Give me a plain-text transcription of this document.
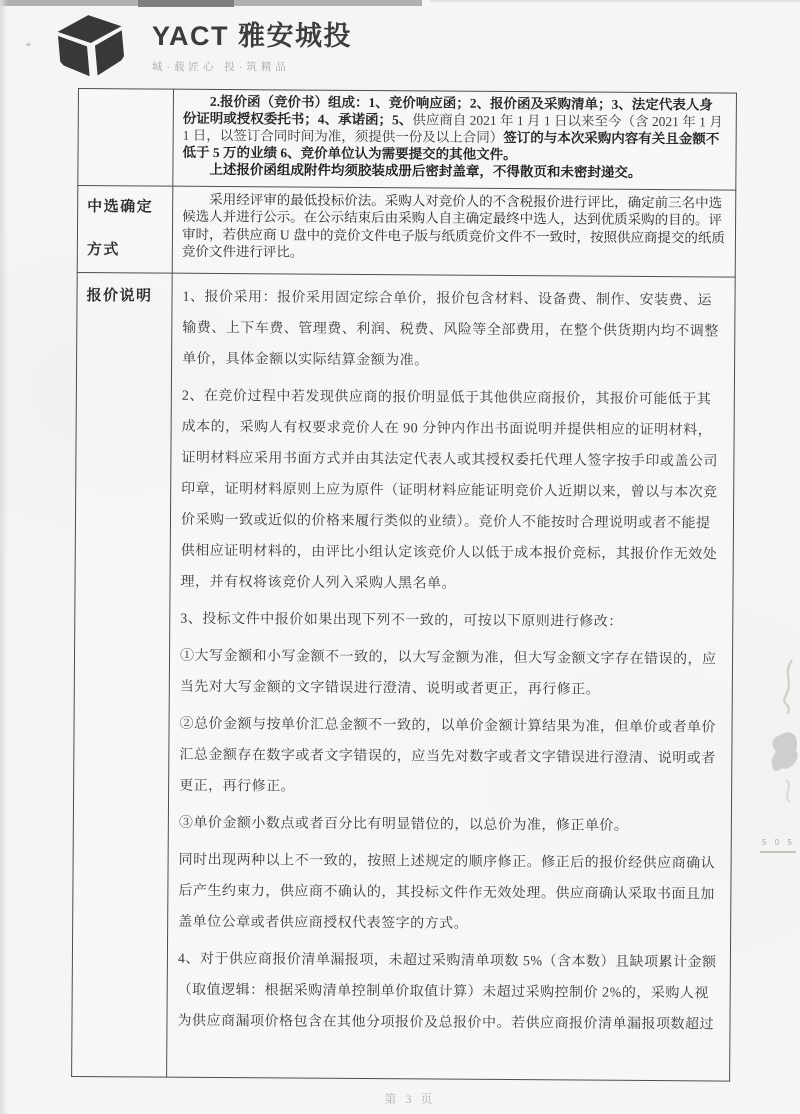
YACT 雅安城投
城·载匠心 投·筑精品

	2.报价函（竞价书）组成：1、竞价响应函；2、报价函及采购清单；3、法定代表人身份证明或授权委托书；4、承诺函；5、供应商自 2021 年 1 月 1 日以来至今（含 2021 年 1 月 1 日，以签订合同时间为准，须提供一份及以上合同）签订的与本次采购内容有关且金额不低于 5 万的业绩 6、竞价单位认为需要提交的其他文件。

上述报价函组成附件均须胶装成册后密封盖章，不得散页和未密封递交。

中选确定方式	采用经评审的最低投标价法。采购人对竞价人的不含税报价进行评比，确定前三名中选候选人并进行公示。在公示结束后由采购人自主确定最终中选人，达到优质采购的目的。评审时，若供应商 U 盘中的竞价文件电子版与纸质竞价文件不一致时，按照供应商提交的纸质竞价文件进行评比。

报价说明	1、报价采用：报价采用固定综合单价，报价包含材料、设备费、制作、安装费、运输费、上下车费、管理费、利润、税费、风险等全部费用，在整个供货期内均不调整单价，具体金额以实际结算金额为准。

2、在竞价过程中若发现供应商的报价明显低于其他供应商报价，其报价可能低于其成本的，采购人有权要求竞价人在 90 分钟内作出书面说明并提供相应的证明材料，证明材料应采用书面方式并由其法定代表人或其授权委托代理人签字按手印或盖公司印章，证明材料原则上应为原件（证明材料应能证明竞价人近期以来，曾以与本次竞价采购一致或近似的价格来履行类似的业绩）。竞价人不能按时合理说明或者不能提供相应证明材料的，由评比小组认定该竞价人以低于成本报价竞标，其报价作无效处理，并有权将该竞价人列入采购人黑名单。

3、投标文件中报价如果出现下列不一致的，可按以下原则进行修改：

①大写金额和小写金额不一致的，以大写金额为准，但大写金额文字存在错误的，应当先对大写金额的文字错误进行澄清、说明或者更正，再行修正。

②总价金额与按单价汇总金额不一致的，以单价金额计算结果为准，但单价或者单价汇总金额存在数字或者文字错误的，应当先对数字或者文字错误进行澄清、说明或者更正，再行修正。

③单价金额小数点或者百分比有明显错位的，以总价为准，修正单价。

同时出现两种以上不一致的，按照上述规定的顺序修正。修正后的报价经供应商确认后产生约束力，供应商不确认的，其投标文件作无效处理。供应商确认采取书面且加盖单位公章或者供应商授权代表签字的方式。

4、对于供应商报价清单漏报项，未超过采购清单项数 5%（含本数）且缺项累计金额（取值逻辑：根据采购清单控制单价取值计算）未超过采购控制价 2%的，采购人视为供应商漏项价格包含在其他分项报价及总报价中。若供应商报价清单漏报项数超过

5 0 5
第 3 页
